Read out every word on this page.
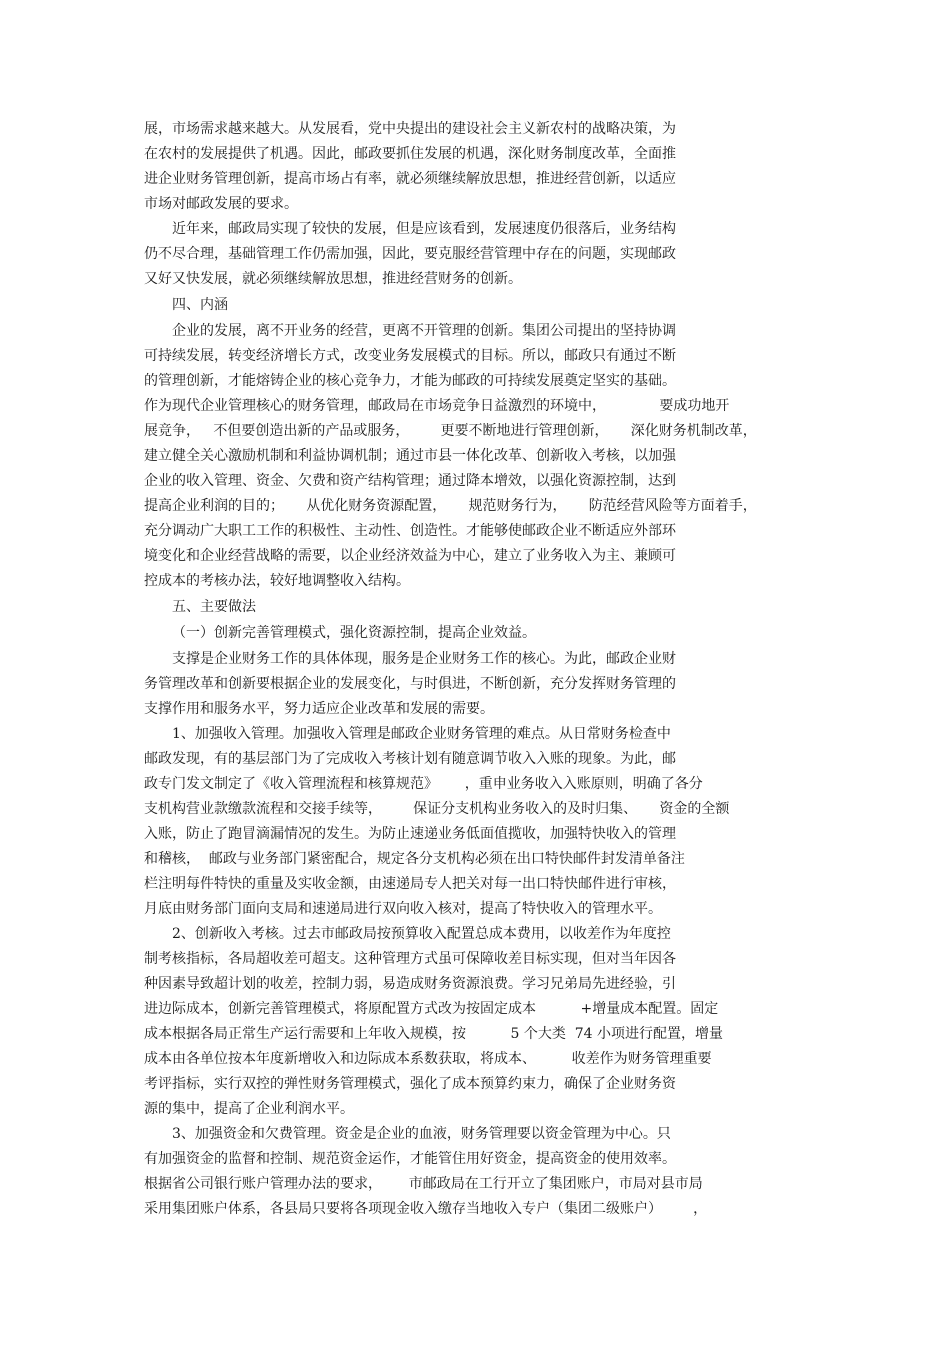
展，市场需求越来越大。从发展看，党中央提出的建设社会主义新农村的战略决策，为
在农村的发展提供了机遇。因此，邮政要抓住发展的机遇，深化财务制度改革，全面推
进企业财务管理创新，提高市场占有率，就必须继续解放思想，推进经营创新，以适应
市场对邮政发展的要求。
近年来，邮政局实现了较快的发展，但是应该看到，发展速度仍很落后，业务结构
仍不尽合理，基础管理工作仍需加强，因此，要克服经营管理中存在的问题，实现邮政
又好又快发展，就必须继续解放思想，推进经营财务的创新。
四、内涵
企业的发展，离不开业务的经营，更离不开管理的创新。集团公司提出的坚持协调
可持续发展，转变经济增长方式，改变业务发展模式的目标。所以，邮政只有通过不断
的管理创新，才能熔铸企业的核心竞争力，才能为邮政的可持续发展奠定坚实的基础。
作为现代企业管理核心的财务管理，邮政局在市场竞争日益激烈的环境中，            要成功地开
展竞争，   不但要创造出新的产品或服务，       更要不断地进行管理创新，     深化财务机制改革，
建立健全关心激励机制和利益协调机制；通过市县一体化改革、创新收入考核，以加强
企业的收入管理、资金、欠费和资产结构管理；通过降本增效，以强化资源控制，达到
提高企业利润的目的；     从优化财务资源配置，     规范财务行为，     防范经营风险等方面着手，
充分调动广大职工工作的积极性、主动性、创造性。才能够使邮政企业不断适应外部环
境变化和企业经营战略的需要，以企业经济效益为中心，建立了业务收入为主、兼顾可
控成本的考核办法，较好地调整收入结构。
五、主要做法
（一）创新完善管理模式，强化资源控制，提高企业效益。
支撑是企业财务工作的具体体现，服务是企业财务工作的核心。为此，邮政企业财
务管理改革和创新要根据企业的发展变化，与时俱进，不断创新，充分发挥财务管理的
支撑作用和服务水平，努力适应企业改革和发展的需要。
1、加强收入管理。加强收入管理是邮政企业财务管理的难点。从日常财务检查中
邮政发现，有的基层部门为了完成收入考核计划有随意调节收入入账的现象。为此，邮
政专门发文制定了《收入管理流程和核算规范》      ，重申业务收入入账原则，明确了各分
支机构营业款缴款流程和交接手续等，       保证分支机构业务收入的及时归集、     资金的全额
入账，防止了跑冒滴漏情况的发生。为防止速递业务低面值揽收，加强特快收入的管理
和稽核，  邮政与业务部门紧密配合，规定各分支机构必须在出口特快邮件封发清单备注
栏注明每件特快的重量及实收金额，由速递局专人把关对每一出口特快邮件进行审核，
月底由财务部门面向支局和速递局进行双向收入核对，提高了特快收入的管理水平。
2、创新收入考核。过去市邮政局按预算收入配置总成本费用，以收差作为年度控
制考核指标，各局超收差可超支。这种管理方式虽可保障收差目标实现，但对当年因各
种因素导致超计划的收差，控制力弱，易造成财务资源浪费。学习兄弟局先进经验，引
进边际成本，创新完善管理模式，将原配置方式改为按固定成本          +增量成本配置。固定
成本根据各局正常生产运行需要和上年收入规模，按          5 个大类  74 小项进行配置，增量
成本由各单位按本年度新增收入和边际成本系数获取，将成本、        收差作为财务管理重要
考评指标，实行双控的弹性财务管理模式，强化了成本预算约束力，确保了企业财务资
源的集中，提高了企业利润水平。
3、加强资金和欠费管理。资金是企业的血液，财务管理要以资金管理为中心。只
有加强资金的监督和控制、规范资金运作，才能管住用好资金，提高资金的使用效率。
根据省公司银行账户管理办法的要求，      市邮政局在工行开立了集团账户，市局对县市局
采用集团账户体系，各县局只要将各项现金收入缴存当地收入专户（集团二级账户）       ，
